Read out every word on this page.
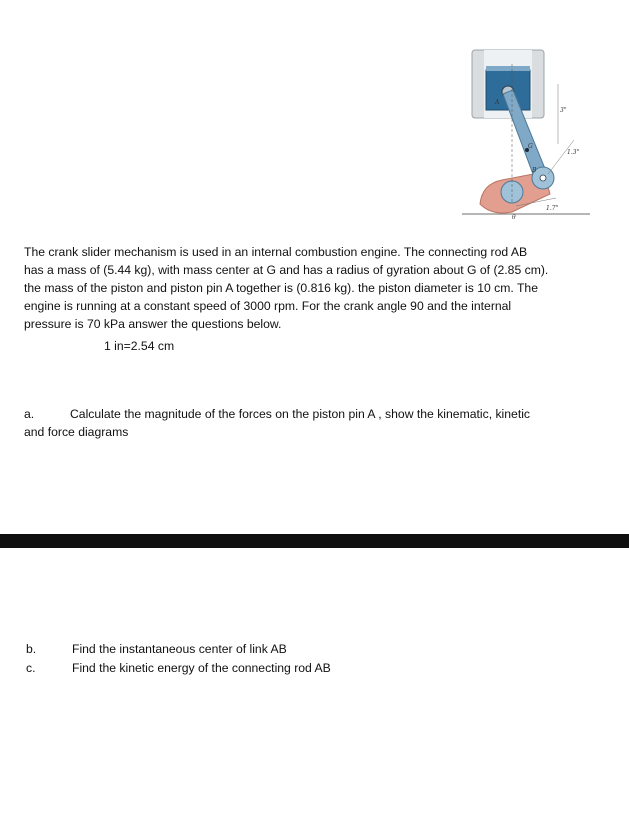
A
G
B
θ
3"
1.3"
1.7"
The crank slider mechanism is used in an internal combustion engine. The connecting rod AB
has a mass of (5.44 kg), with mass center at G and has a radius of gyration about G of (2.85 cm).
the mass of the piston and piston pin A together is (0.816 kg). the piston diameter is 10 cm. The
engine is running at a constant speed of 3000 rpm. For the crank angle 90 and the internal
pressure is 70 kPa answer the questions below.
1 in=2.54 cm
a.	Calculate the magnitude of the forces on the piston pin A , show the kinematic, kinetic
and force diagrams
b.	Find the instantaneous center of link AB
c.	Find the kinetic energy of the connecting rod AB
